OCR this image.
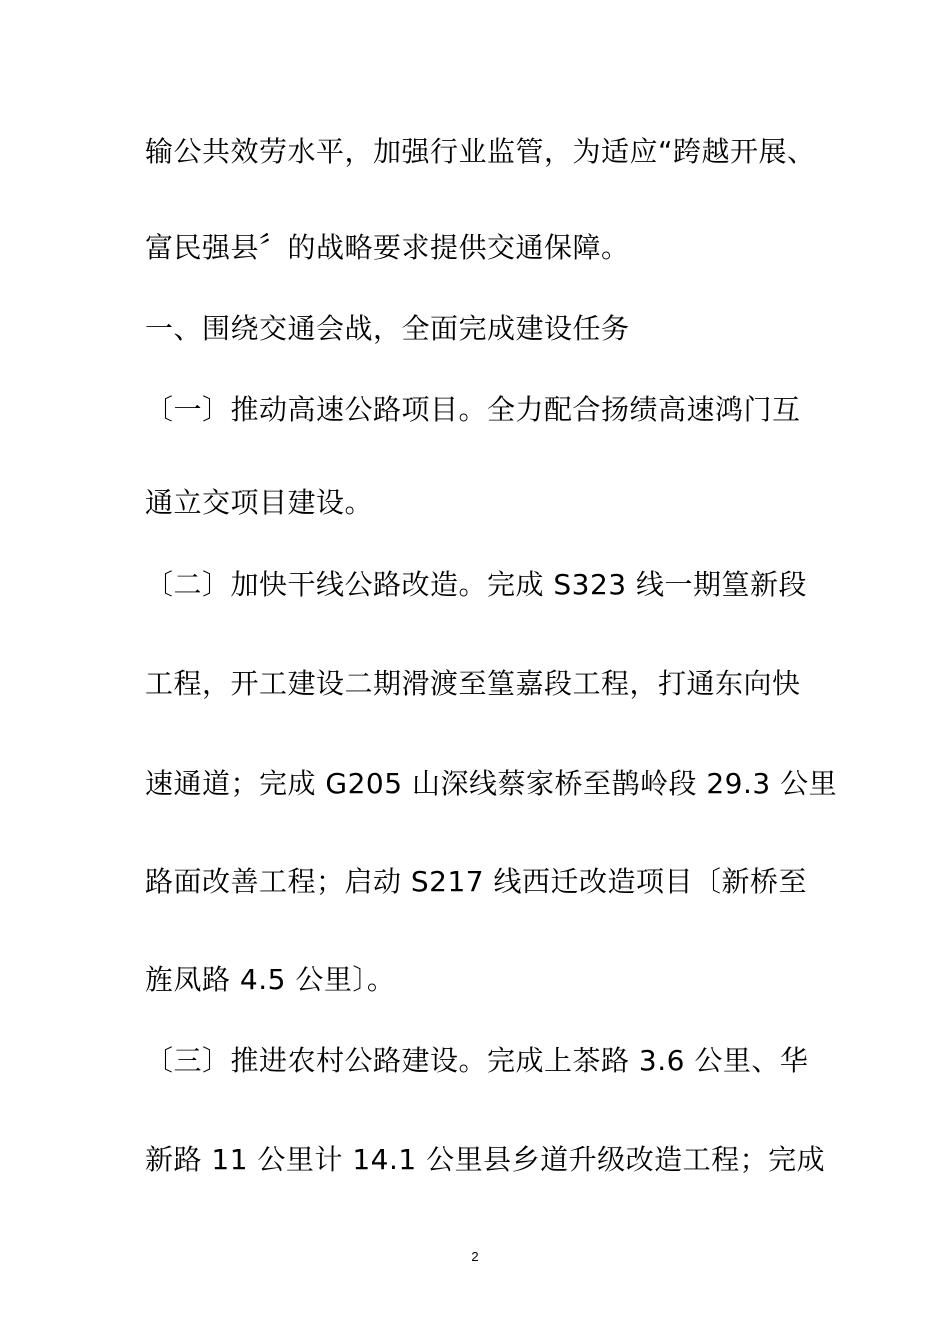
输公共效劳水平，加强行业监管，为适应“跨越开展、
富民强县〞的战略要求提供交通保障。
一、围绕交通会战，全面完成建设任务
〔一〕推动高速公路项目。全力配合扬绩高速鸿门互
通立交项目建设。
〔二〕加快干线公路改造。完成 S323 线一期篁新段
工程，开工建设二期滑渡至篁嘉段工程，打通东向快
速通道；完成 G205 山深线蔡家桥至鹊岭段 29.3 公里
路面改善工程；启动 S217 线西迁改造项目〔新桥至
旌凤路 4.5 公里〕。
〔三〕推进农村公路建设。完成上茶路 3.6 公里、华
新路 11 公里计 14.1 公里县乡道升级改造工程；完成
2
